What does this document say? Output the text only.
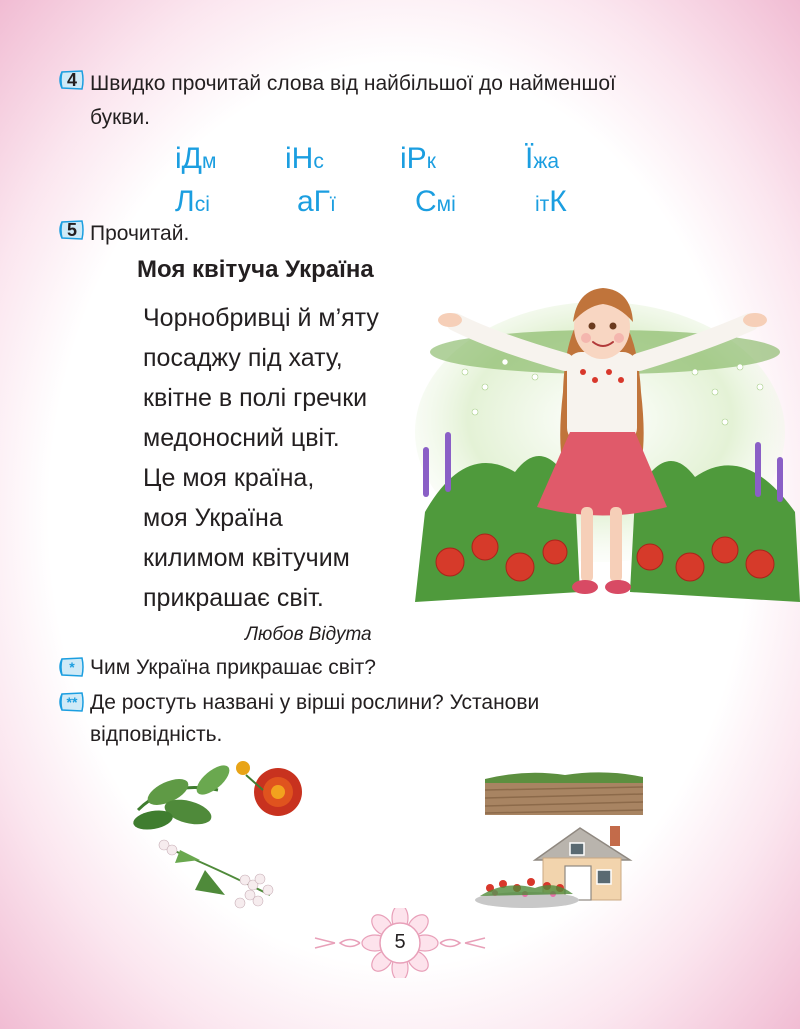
4 Швидко прочитай слова від найбільшої до найменшої
букви.
іДм іНс	іРк	Їжа
Лсі	аГї	Смі	ітК
5 Прочитай.
Моя квітуча Україна
Чорнобривці й м’яту
посаджу під хату,
квітне в полі гречки
медоносний цвіт.
Це моя країна,
моя Україна
килимом квітучим
прикрашає світ.
Любов Відута
* Чим Україна прикрашає світ?
** Де ростуть названі у вірші рослини? Установи
відповідність.
5
